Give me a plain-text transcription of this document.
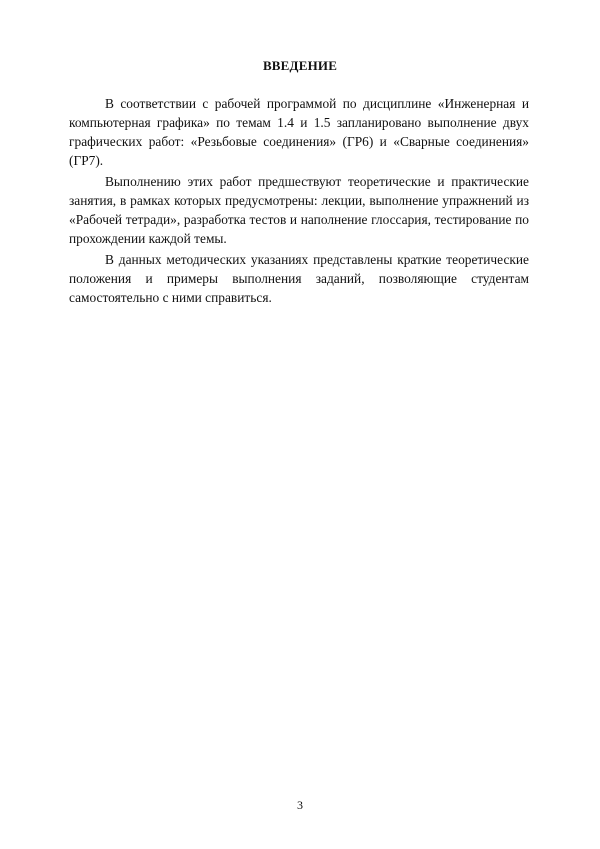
ВВЕДЕНИЕ

В соответствии с рабочей программой по дисциплине «Инженерная и компьютерная графика» по темам 1.4 и 1.5 запланировано выполнение двух графических работ: «Резьбовые соединения» (ГР6) и «Сварные соединения» (ГР7).

Выполнению этих работ предшествуют теоретические и практические занятия, в рамках которых предусмотрены: лекции, выполнение упражнений из «Рабочей тетради», разработка тестов и наполнение глоссария, тестирование по прохождении каждой темы.

В данных методических указаниях представлены краткие теоретические положения и примеры выполнения заданий, позволяющие студентам самостоятельно с ними справиться.

3
